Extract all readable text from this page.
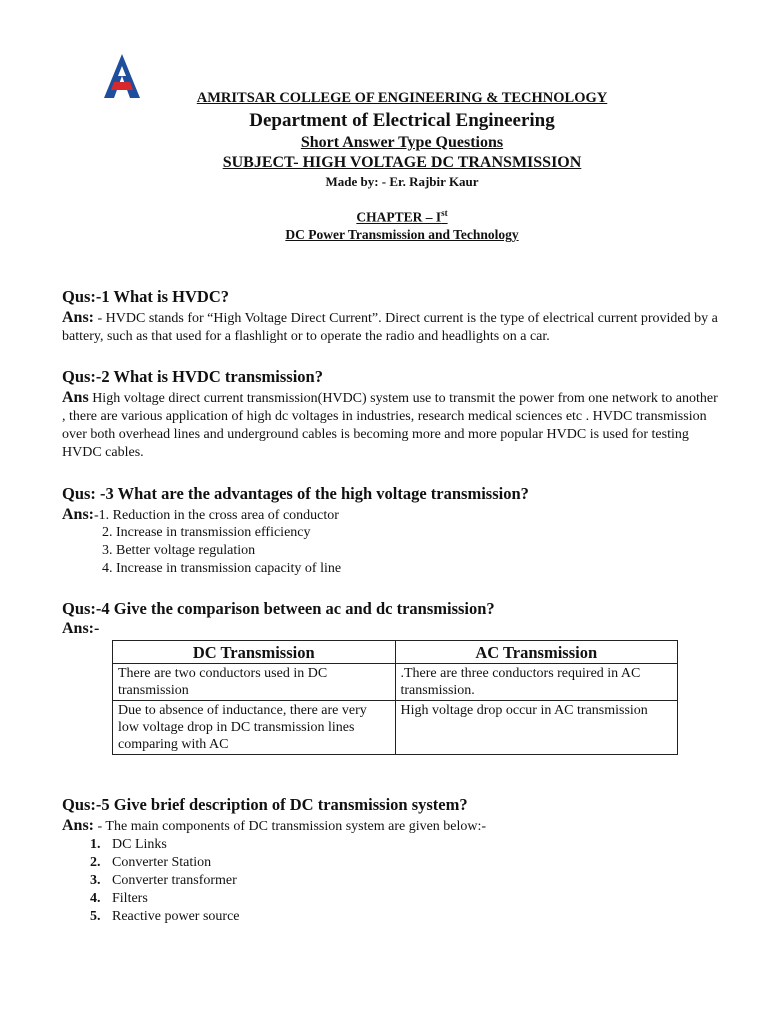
AMRITSAR COLLEGE OF ENGINEERING & TECHNOLOGY
Department of Electrical Engineering
Short Answer Type Questions
SUBJECT- HIGH VOLTAGE DC TRANSMISSION
Made by: - Er. Rajbir Kaur
CHAPTER – Ist
DC Power Transmission and Technology
Qus:-1 What is HVDC?
Ans: - HVDC stands for “High Voltage Direct Current”. Direct current is the type of electrical current provided by a battery, such as that used for a flashlight or to operate the radio and headlights on a car.
Qus:-2 What is HVDC transmission?
Ans High voltage direct current transmission(HVDC) system use to transmit the power from one network to another , there are various application of high dc voltages in industries, research medical sciences etc . HVDC transmission over both overhead lines and underground cables is becoming more and more popular HVDC is used for testing HVDC cables.
Qus: -3 What are the advantages of the high voltage transmission?
Ans:-1. Reduction in the cross area of conductor
2. Increase in transmission efficiency
3. Better voltage regulation
4. Increase in transmission capacity of line
Qus:-4 Give the comparison between ac and dc transmission?
Ans:-
DC Transmission	AC Transmission
There are two conductors used in DC transmission	.There are three conductors required in AC transmission.
Due to absence of inductance, there are very low voltage drop in DC transmission lines comparing with AC	High voltage drop occur in AC transmission
Qus:-5 Give brief description of DC transmission system?
Ans: - The main components of DC transmission system are given below:-
1. DC Links
2. Converter Station
3. Converter transformer
4. Filters
5. Reactive power source
